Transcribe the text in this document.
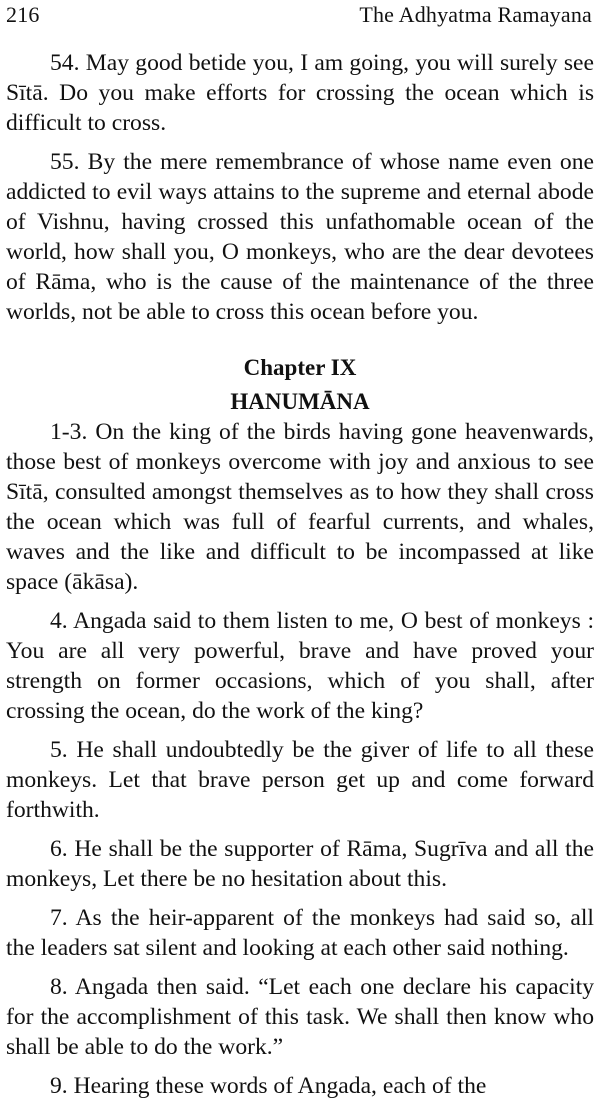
216	The Adhyatma Ramayana

54. May good betide you, I am going, you will surely see Sītā. Do you make efforts for crossing the ocean which is difficult to cross.

55. By the mere remembrance of whose name even one addicted to evil ways attains to the supreme and eternal abode of Vishnu, having crossed this unfathomable ocean of the world, how shall you, O monkeys, who are the dear devotees of Rāma, who is the cause of the maintenance of the three worlds, not be able to cross this ocean before you.

Chapter IX
HANUMĀNA

1-3. On the king of the birds having gone heavenwards, those best of monkeys overcome with joy and anxious to see Sītā, consulted amongst themselves as to how they shall cross the ocean which was full of fearful currents, and whales, waves and the like and difficult to be incompassed at like space (ākāsa).

4. Angada said to them listen to me, O best of monkeys : You are all very powerful, brave and have proved your strength on former occasions, which of you shall, after crossing the ocean, do the work of the king?

5. He shall undoubtedly be the giver of life to all these monkeys. Let that brave person get up and come forward forthwith.

6. He shall be the supporter of Rāma, Sugrīva and all the monkeys, Let there be no hesitation about this.

7. As the heir-apparent of the monkeys had said so, all the leaders sat silent and looking at each other said nothing.

8. Angada then said. “Let each one declare his capacity for the accomplishment of this task. We shall then know who shall be able to do the work.”

9. Hearing these words of Angada, each of the
